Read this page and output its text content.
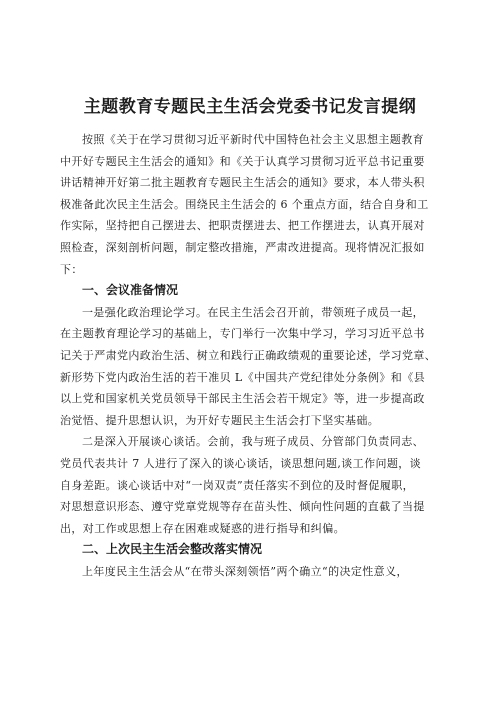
主题教育专题民主生活会党委书记发言提纲
按照《关于在学习贯彻习近平新时代中国特色社会主义思想主题教育
中开好专题民主生活会的通知》和《关于认真学习贯彻习近平总书记重要
讲话精神开好第二批主题教育专题民主生活会的通知》要求，本人带头积
极准备此次民主生活会。围绕民主生活会的 6 个重点方面，结合自身和工
作实际，坚持把自己摆进去、把职责摆进去、把工作摆进去，认真开展对
照检查，深刻剖析问题，制定整改措施，严肃改进提高。现将情况汇报如
下：
一、会议准备情况
一是强化政治理论学习。在民主生活会召开前，带领班子成员一起，
在主题教育理论学习的基础上，专门举行一次集中学习，学习习近平总书
记关于严肃党内政治生活、树立和践行正确政绩观的重要论述，学习党章、
新形势下党内政治生活的若干准贝 L《中国共产党纪律处分条例》和《县
以上党和国家机关党员领导干部民主生活会若干规定》等，进一步提高政
治觉悟、提升思想认识，为开好专题民主生活会打下坚实基础。
二是深入开展谈心谈话。会前，我与班子成员、分管部门负责同志、
党员代表共计 7 人进行了深入的谈心谈话，谈思想问题,谈工作问题，谈
自身差距。谈心谈话中对“一岗双责”责任落实不到位的及时督促履职，
对思想意识形态、遵守党章党规等存在苗头性、倾向性问题的直截了当提
出，对工作或思想上存在困难或疑惑的进行指导和纠偏。
二、上次民主生活会整改落实情况
上年度民主生活会从“在带头深刻领悟”两个确立“的决定性意义，
